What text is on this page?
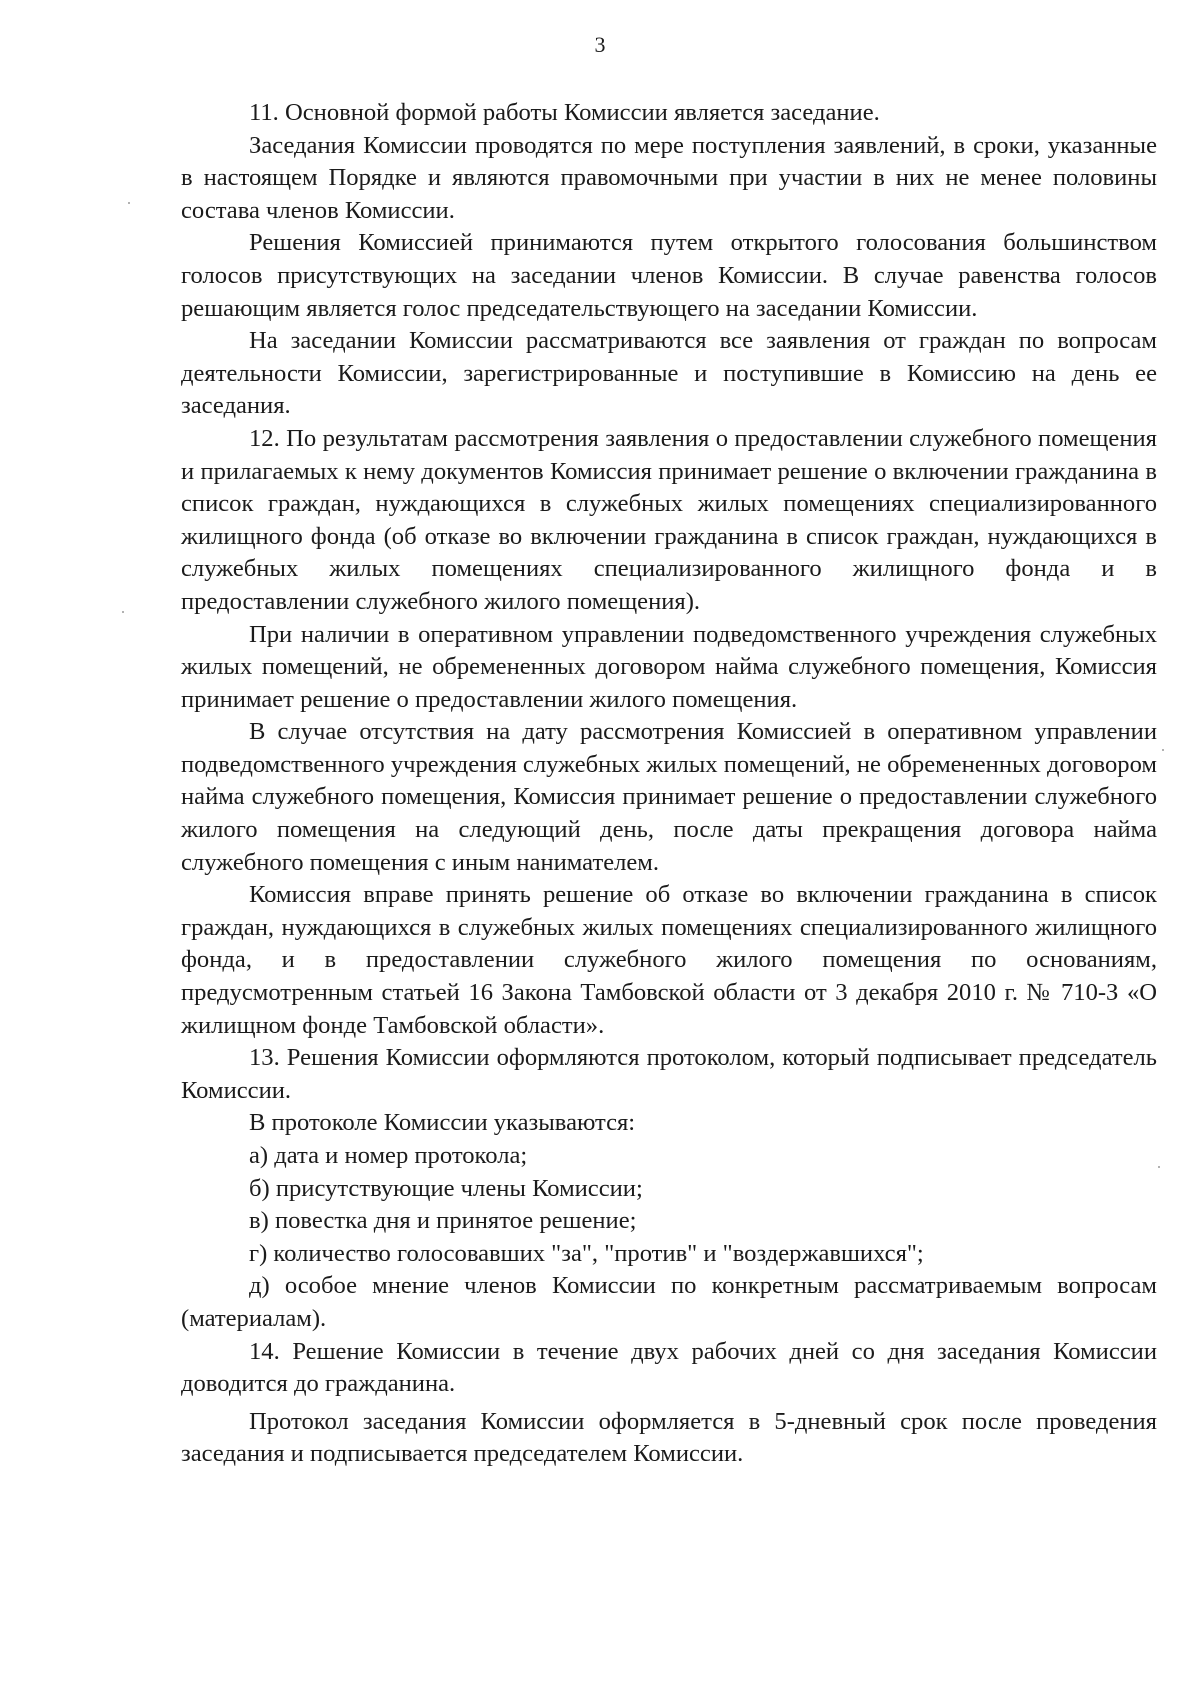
3

11. Основной формой работы Комиссии является заседание.

Заседания Комиссии проводятся по мере поступления заявлений, в сроки, указанные в настоящем Порядке и являются правомочными при участии в них не менее половины состава членов Комиссии.

Решения Комиссией принимаются путем открытого голосования большинством голосов присутствующих на заседании членов Комиссии. В случае равенства голосов решающим является голос председательствующего на заседании Комиссии.

На заседании Комиссии рассматриваются все заявления от граждан по вопросам деятельности Комиссии, зарегистрированные и поступившие в Комиссию на день ее заседания.

12. По результатам рассмотрения заявления о предоставлении служебного помещения и прилагаемых к нему документов Комиссия принимает решение о включении гражданина в список граждан, нуждающихся в служебных жилых помещениях специализированного жилищного фонда (об отказе во включении гражданина в список граждан, нуждающихся в служебных жилых помещениях специализированного жилищного фонда и в предоставлении служебного жилого помещения).

При наличии в оперативном управлении подведомственного учреждения служебных жилых помещений, не обремененных договором найма служебного помещения, Комиссия принимает решение о предоставлении жилого помещения.

В случае отсутствия на дату рассмотрения Комиссией в оперативном управлении подведомственного учреждения служебных жилых помещений, не обремененных договором найма служебного помещения, Комиссия принимает решение о предоставлении служебного жилого помещения на следующий день, после даты прекращения договора найма служебного помещения с иным нанимателем.

Комиссия вправе принять решение об отказе во включении гражданина в список граждан, нуждающихся в служебных жилых помещениях специализированного жилищного фонда, и в предоставлении служебного жилого помещения по основаниям, предусмотренным статьей 16 Закона Тамбовской области от 3 декабря 2010 г. № 710-З «О жилищном фонде Тамбовской области».

13. Решения Комиссии оформляются протоколом, который подписывает председатель Комиссии.

В протоколе Комиссии указываются:

а) дата и номер протокола;

б) присутствующие члены Комиссии;

в) повестка дня и принятое решение;

г) количество голосовавших "за", "против" и "воздержавшихся";

д) особое мнение членов Комиссии по конкретным рассматриваемым вопросам (материалам).

14. Решение Комиссии в течение двух рабочих дней со дня заседания Комиссии доводится до гражданина.

Протокол заседания Комиссии оформляется в 5-дневный срок после проведения заседания и подписывается председателем Комиссии.
